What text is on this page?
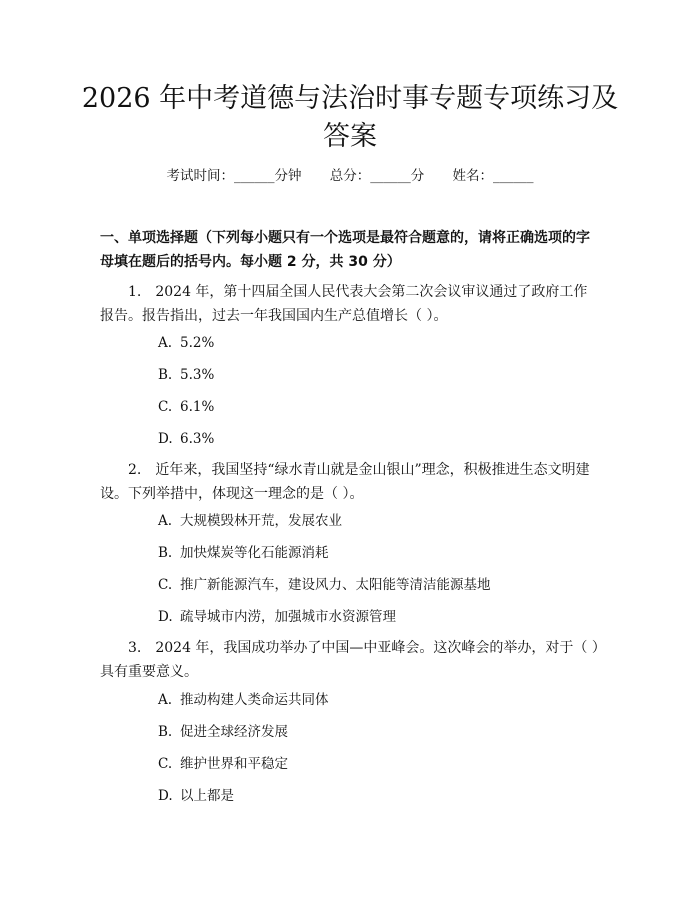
2026 年中考道德与法治时事专题专项练习及答案
考试时间：______分钟 总分：______分 姓名：______

一、单项选择题（下列每小题只有一个选项是最符合题意的，请将正确选项的字母填在题后的括号内。每小题 2 分，共 30 分）

1.　2024 年，第十四届全国人民代表大会第二次会议审议通过了政府工作报告。报告指出，过去一年我国国内生产总值增长（ ）。

A. 5.2%
B. 5.3%
C. 6.1%
D. 6.3%

2.　近年来，我国坚持“绿水青山就是金山银山”理念，积极推进生态文明建设。下列举措中，体现这一理念的是（ ）。

A. 大规模毁林开荒，发展农业
B. 加快煤炭等化石能源消耗
C. 推广新能源汽车，建设风力、太阳能等清洁能源基地
D. 疏导城市内涝，加强城市水资源管理

3.　2024 年，我国成功举办了中国—中亚峰会。这次峰会的举办，对于（ ）具有重要意义。

A. 推动构建人类命运共同体
B. 促进全球经济发展
C. 维护世界和平稳定
D. 以上都是
